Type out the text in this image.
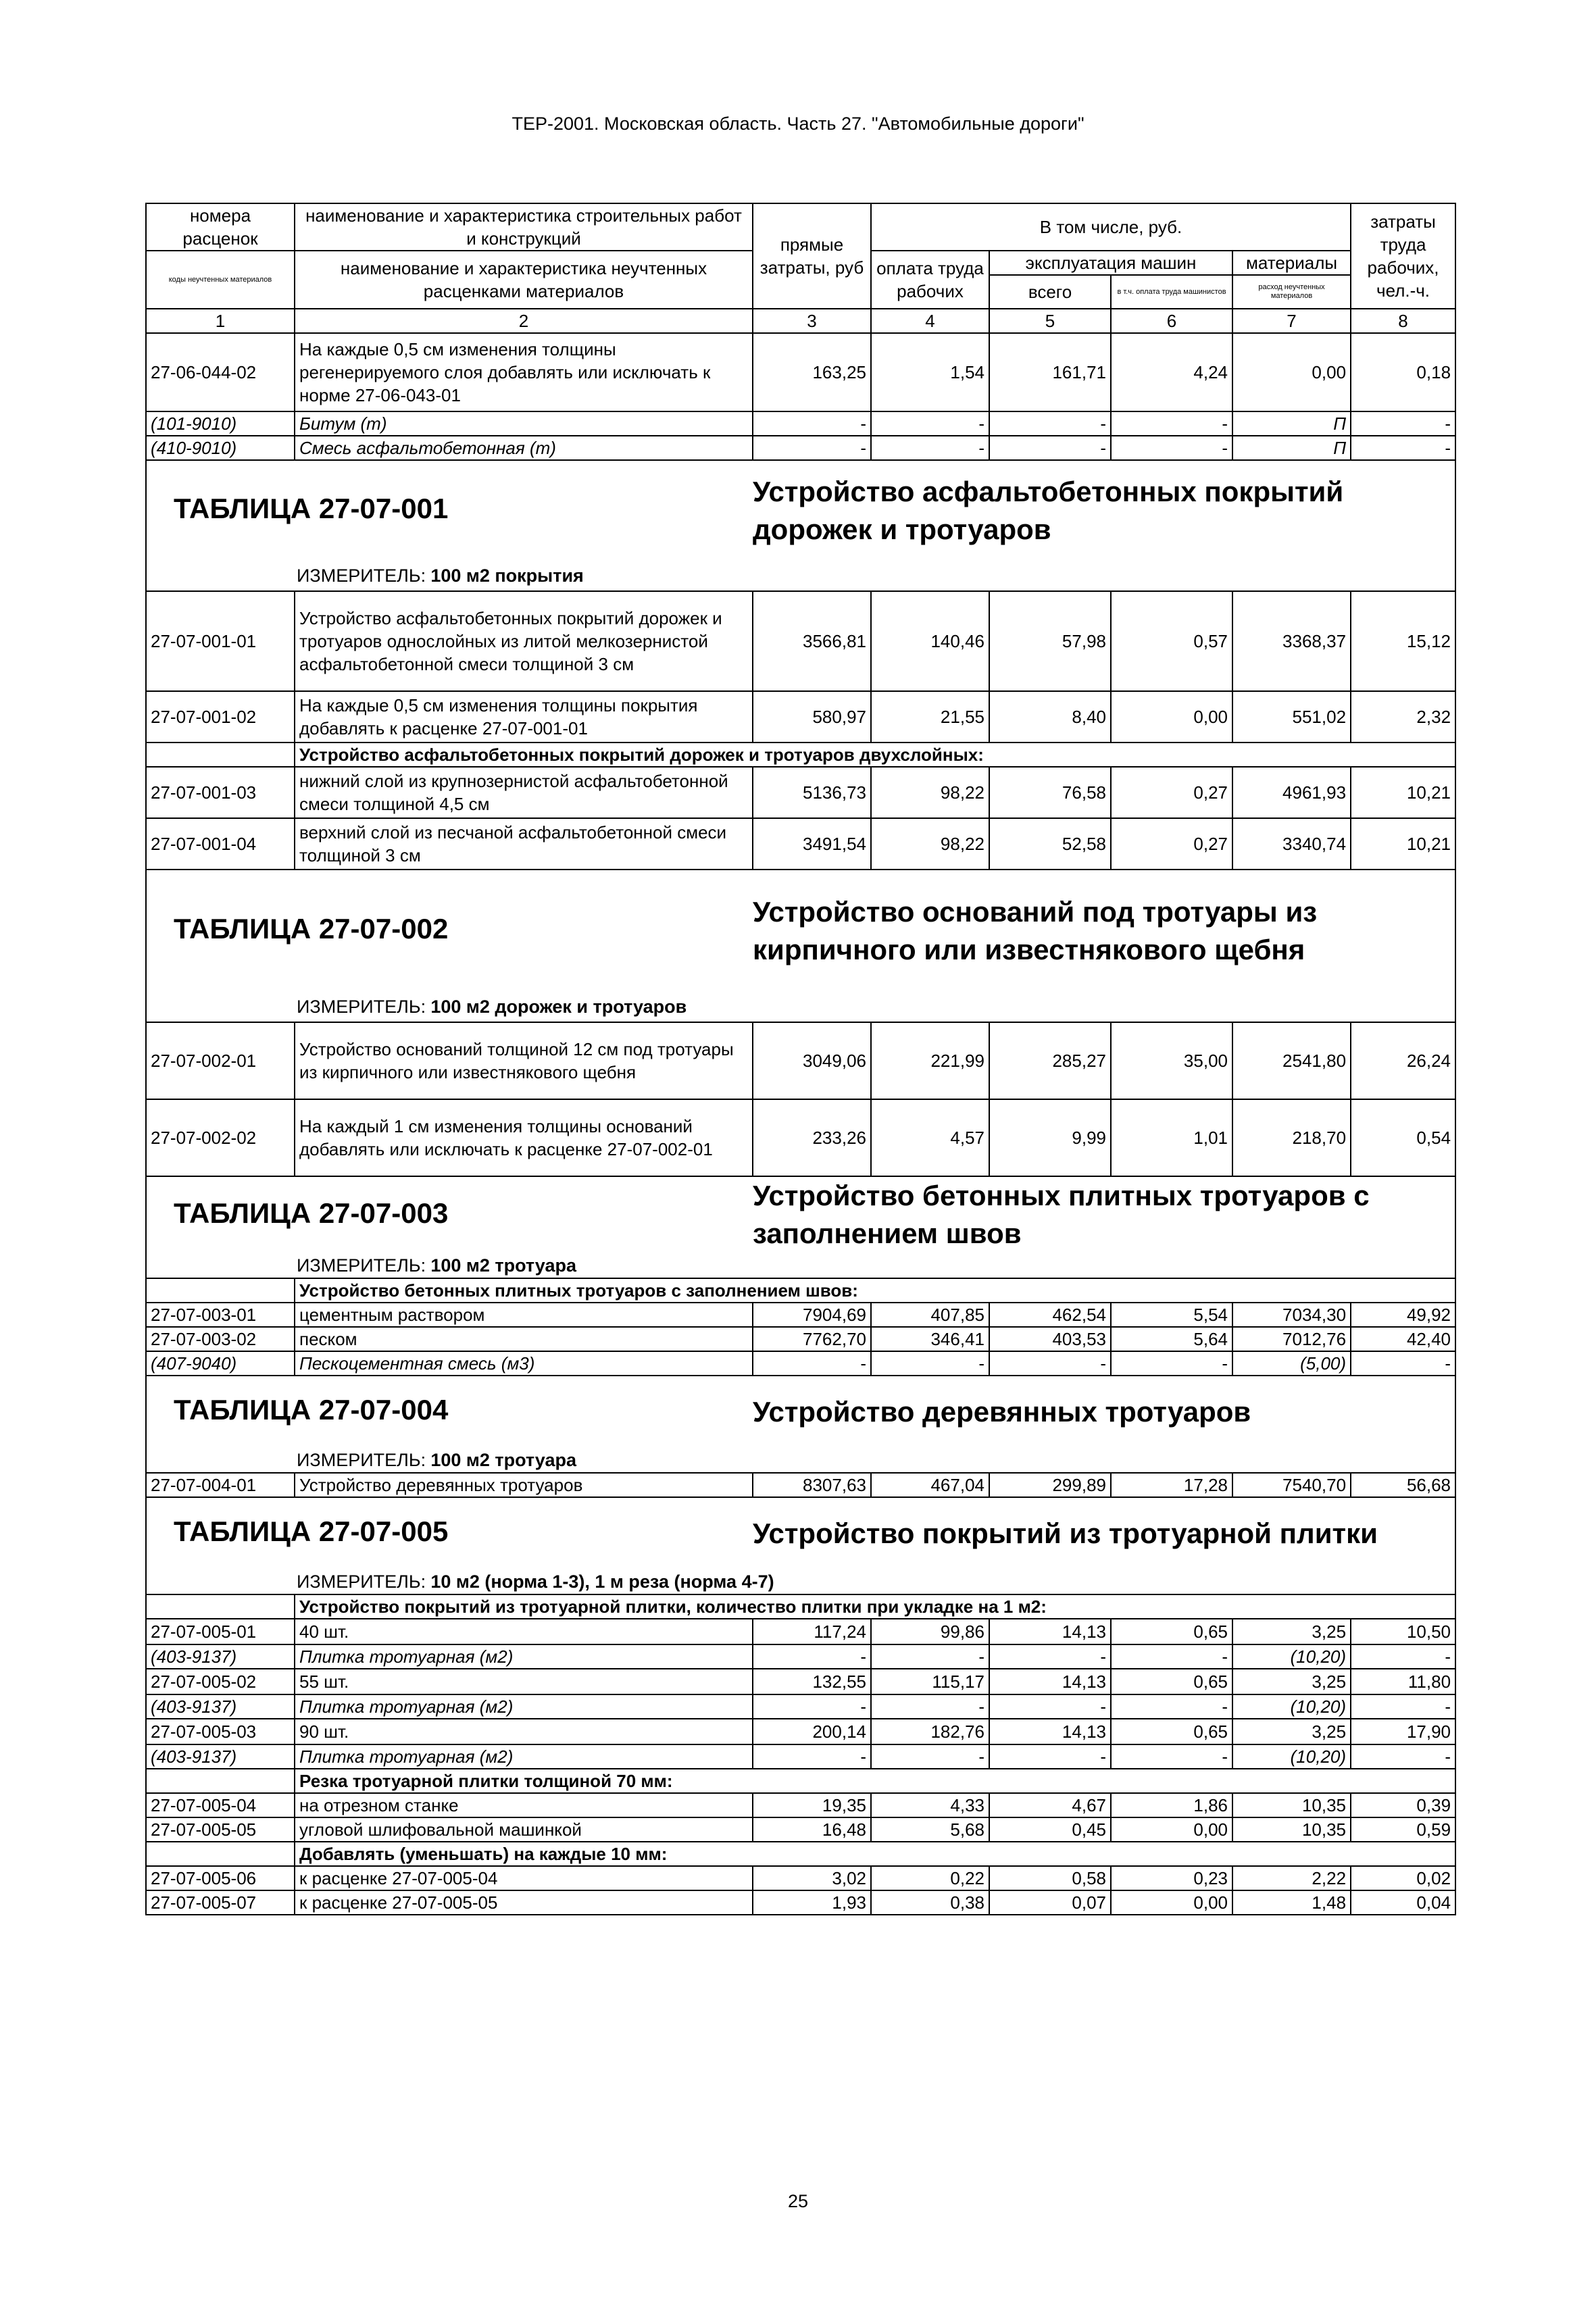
ТЕР-2001. Московская область. Часть 27. "Автомобильные дороги"
номера расценок	наименование и характеристика строительных работ и конструкций	прямые затраты, руб	В том числе, руб.				затраты труда рабочих, чел.-ч.
коды неучтенных материалов	наименование и характеристика неучтенных расценками материалов		оплата труда рабочих	эксплуатация машин		материалы	
				всего	в т.ч. оплата труда машинистов	расход неучтенных материалов	
1	2	3	4	5	6	7	8
27-06-044-02	На каждые 0,5 см изменения толщины регенерируемого слоя добавлять или исключать к норме 27-06-043-01	163,25	1,54	161,71	4,24	0,00	0,18
(101-9010)	Битум (т)	-	-	-	-	П	-
(410-9010)	Смесь асфальтобетонная (т)	-	-	-	-	П	-
ТАБЛИЦА 27-07-001		Устройство асфальтобетонных покрытий дорожек и тротуаров					

ИЗМЕРИТЕЛЬ: 100 м2 покрытия							
27-07-001-01	Устройство асфальтобетонных покрытий дорожек и тротуаров однослойных из литой мелкозернистой асфальтобетонной смеси толщиной 3 см	3566,81	140,46	57,98	0,57	3368,37	15,12
27-07-001-02	На каждые 0,5 см изменения толщины покрытия добавлять к расценке 27-07-001-01	580,97	21,55	8,40	0,00	551,02	2,32
	Устройство асфальтобетонных покрытий дорожек и тротуаров двухслойных:						
27-07-001-03	нижний слой из крупнозернистой асфальтобетонной смеси толщиной 4,5 см	5136,73	98,22	76,58	0,27	4961,93	10,21
27-07-001-04	верхний слой из песчаной асфальтобетонной смеси толщиной 3 см	3491,54	98,22	52,58	0,27	3340,74	10,21
ТАБЛИЦА 27-07-002		Устройство оснований под тротуары из кирпичного или известнякового щебня					

ИЗМЕРИТЕЛЬ: 100 м2 дорожек и тротуаров							
27-07-002-01	Устройство оснований толщиной 12 см под тротуары из кирпичного или известнякового щебня	3049,06	221,99	285,27	35,00	2541,80	26,24
27-07-002-02	На каждый 1 см изменения толщины оснований добавлять или исключать к расценке 27-07-002-01	233,26	4,57	9,99	1,01	218,70	0,54
ТАБЛИЦА 27-07-003		Устройство бетонных плитных тротуаров с заполнением швов					

ИЗМЕРИТЕЛЬ: 100 м2 тротуара							
	Устройство бетонных плитных тротуаров с заполнением швов:						
27-07-003-01	цементным раствором	7904,69	407,85	462,54	5,54	7034,30	49,92
27-07-003-02	песком	7762,70	346,41	403,53	5,64	7012,76	42,40
(407-9040)	Пескоцементная смесь (м3)	-	-	-	-	(5,00)	-
ТАБЛИЦА 27-07-004		Устройство деревянных тротуаров					

ИЗМЕРИТЕЛЬ: 100 м2 тротуара							
27-07-004-01	Устройство деревянных тротуаров	8307,63	467,04	299,89	17,28	7540,70	56,68
ТАБЛИЦА 27-07-005		Устройство покрытий из тротуарной плитки					

ИЗМЕРИТЕЛЬ: 10 м2 (норма 1-3), 1 м реза (норма 4-7)							
	Устройство покрытий из тротуарной плитки, количество плитки при укладке на 1 м2:						
27-07-005-01	40 шт.	117,24	99,86	14,13	0,65	3,25	10,50
(403-9137)	Плитка тротуарная (м2)	-	-	-	-	(10,20)	-
27-07-005-02	55 шт.	132,55	115,17	14,13	0,65	3,25	11,80
(403-9137)	Плитка тротуарная (м2)	-	-	-	-	(10,20)	-
27-07-005-03	90 шт.	200,14	182,76	14,13	0,65	3,25	17,90
(403-9137)	Плитка тротуарная (м2)	-	-	-	-	(10,20)	-
	Резка тротуарной плитки толщиной 70 мм:						
27-07-005-04	на отрезном станке	19,35	4,33	4,67	1,86	10,35	0,39
27-07-005-05	угловой шлифовальной машинкой	16,48	5,68	0,45	0,00	10,35	0,59
	Добавлять (уменьшать) на каждые 10 мм:						
27-07-005-06	к расценке 27-07-005-04	3,02	0,22	0,58	0,23	2,22	0,02
27-07-005-07	к расценке 27-07-005-05	1,93	0,38	0,07	0,00	1,48	0,04
25
